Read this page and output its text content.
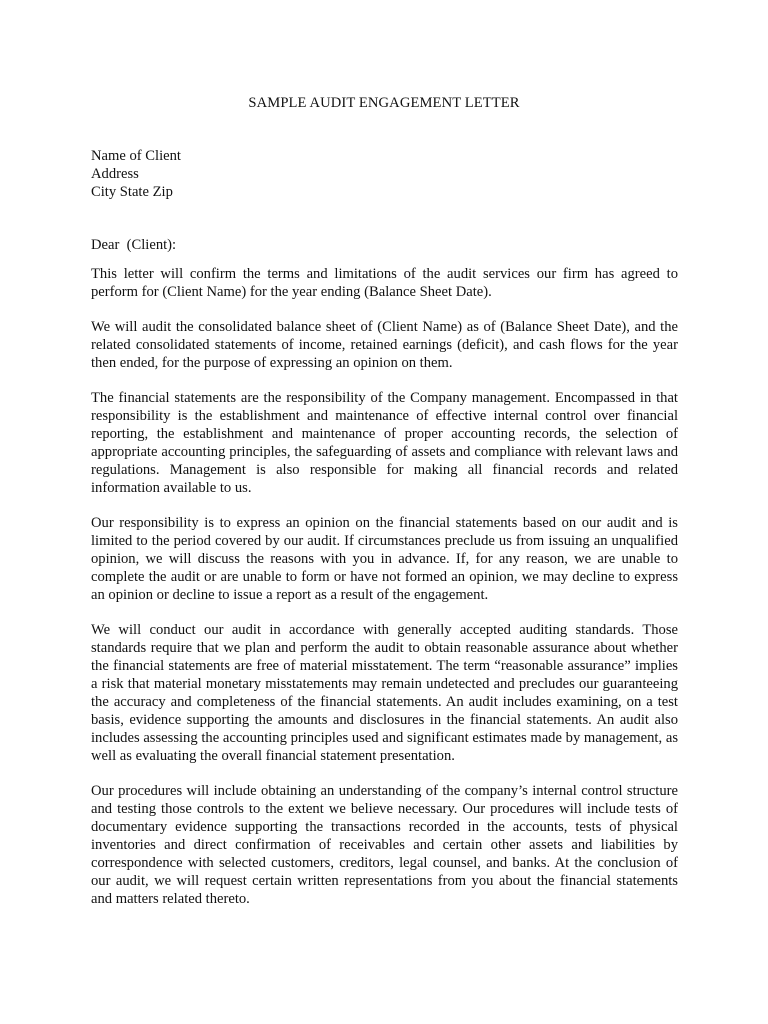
SAMPLE AUDIT ENGAGEMENT LETTER
Name of Client
Address
City State Zip
Dear  (Client):

This letter will confirm the terms and limitations of the audit services our firm has agreed to perform for (Client Name) for the year ending (Balance Sheet Date).

We will audit the consolidated balance sheet of (Client Name) as of (Balance Sheet Date), and the related consolidated statements of income, retained earnings (deficit), and cash flows for the year then ended, for the purpose of expressing an opinion on them.

The financial statements are the responsibility of the Company management. Encompassed in that responsibility is the establishment and maintenance of effective internal control over financial reporting, the establishment and maintenance of proper accounting records, the selection of appropriate accounting principles, the safeguarding of assets and compliance with relevant laws and regulations. Management is also responsible for making all financial records and related information available to us.

Our responsibility is to express an opinion on the financial statements based on our audit and is limited to the period covered by our audit. If circumstances preclude us from issuing an unqualified opinion, we will discuss the reasons with you in advance. If, for any reason, we are unable to complete the audit or are unable to form or have not formed an opinion, we may decline to express an opinion or decline to issue a report as a result of the engagement.

We will conduct our audit in accordance with generally accepted auditing standards. Those standards require that we plan and perform the audit to obtain reasonable assurance about whether the financial statements are free of material misstatement. The term “reasonable assurance” implies a risk that material monetary misstatements may remain undetected and precludes our guaranteeing the accuracy and completeness of the financial statements. An audit includes examining, on a test basis, evidence supporting the amounts and disclosures in the financial statements. An audit also includes assessing the accounting principles used and significant estimates made by management, as well as evaluating the overall financial statement presentation.

Our procedures will include obtaining an understanding of the company’s internal control structure and testing those controls to the extent we believe necessary. Our procedures will include tests of documentary evidence supporting the transactions recorded in the accounts, tests of physical inventories and direct confirmation of receivables and certain other assets and liabilities by correspondence with selected customers, creditors, legal counsel, and banks. At the conclusion of our audit, we will request certain written representations from you about the financial statements and matters related thereto.
